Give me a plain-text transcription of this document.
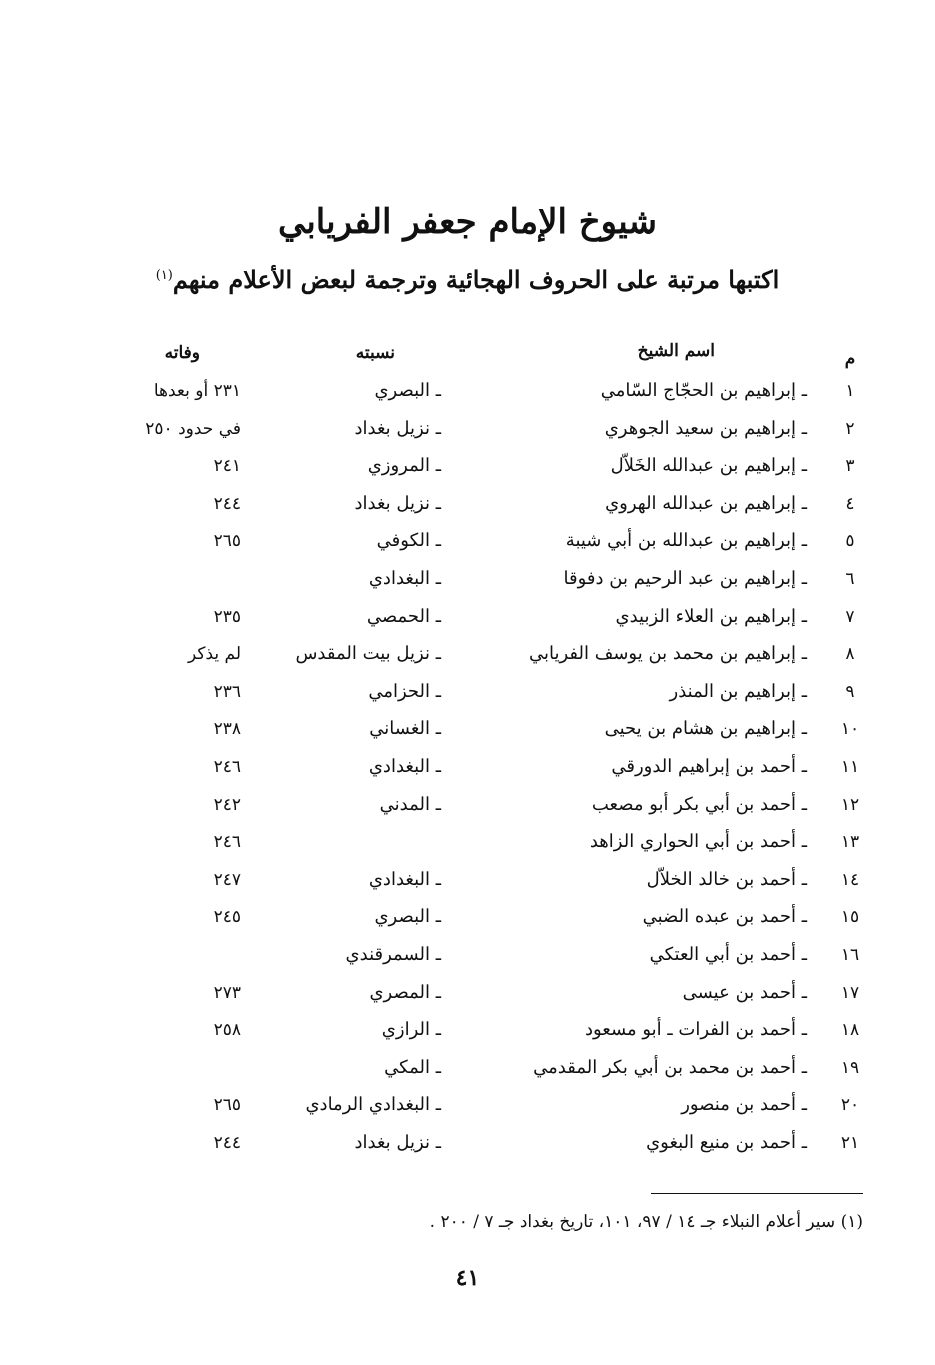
شيوخ الإمام جعفر الفريابي
اكتبها مرتبة على الحروف الهجائية وترجمة لبعض الأعلام منهم$^{(١)}$
م
اسم الشيخ
نسبته
وفاته
١
ـ إبراهيم بن الحجّاج السّامي
ـ البصري
٢٣١ أو بعدها
٢
ـ إبراهيم بن سعيد الجوهري
ـ نزيل بغداد
في حدود ٢٥٠
٣
ـ إبراهيم بن عبدالله الخَلاّل
ـ المروزي
٢٤١
٤
ـ إبراهيم بن عبدالله الهروي
ـ نزيل بغداد
٢٤٤
٥
ـ إبراهيم بن عبدالله بن أبي شيبة
ـ الكوفي
٢٦٥
٦
ـ إبراهيم بن عبد الرحيم بن دفوقا
ـ البغدادي
٧
ـ إبراهيم بن العلاء الزبيدي
ـ الحمصي
٢٣٥
٨
ـ إبراهيم بن محمد بن يوسف الفريابي
ـ نزيل بيت المقدس
لم يذكر
٩
ـ إبراهيم بن المنذر
ـ الحزامي
٢٣٦
١٠
ـ إبراهيم بن هشام بن يحيى
ـ الغساني
٢٣٨
١١
ـ أحمد بن إبراهيم الدورقي
ـ البغدادي
٢٤٦
١٢
ـ أحمد بن أبي بكر أبو مصعب
ـ المدني
٢٤٢
١٣
ـ أحمد بن أبي الحواري الزاهد
٢٤٦
١٤
ـ أحمد بن خالد الخلاّل
ـ البغدادي
٢٤٧
١٥
ـ أحمد بن عبده الضبي
ـ البصري
٢٤٥
١٦
ـ أحمد بن أبي العتكي
ـ السمرقندي
١٧
ـ أحمد بن عيسى
ـ المصري
٢٧٣
١٨
ـ أحمد بن الفرات ـ أبو مسعود
ـ الرازي
٢٥٨
١٩
ـ أحمد بن محمد بن أبي بكر المقدمي
ـ المكي
٢٠
ـ أحمد بن منصور
ـ البغدادي الرمادي
٢٦٥
٢١
ـ أحمد بن منيع البغوي
ـ نزيل بغداد
٢٤٤
(١) سير أعلام النبلاء جـ ١٤ / ٩٧، ١٠١، تاريخ بغداد جـ ٧ / ٢٠٠ .
٤١
